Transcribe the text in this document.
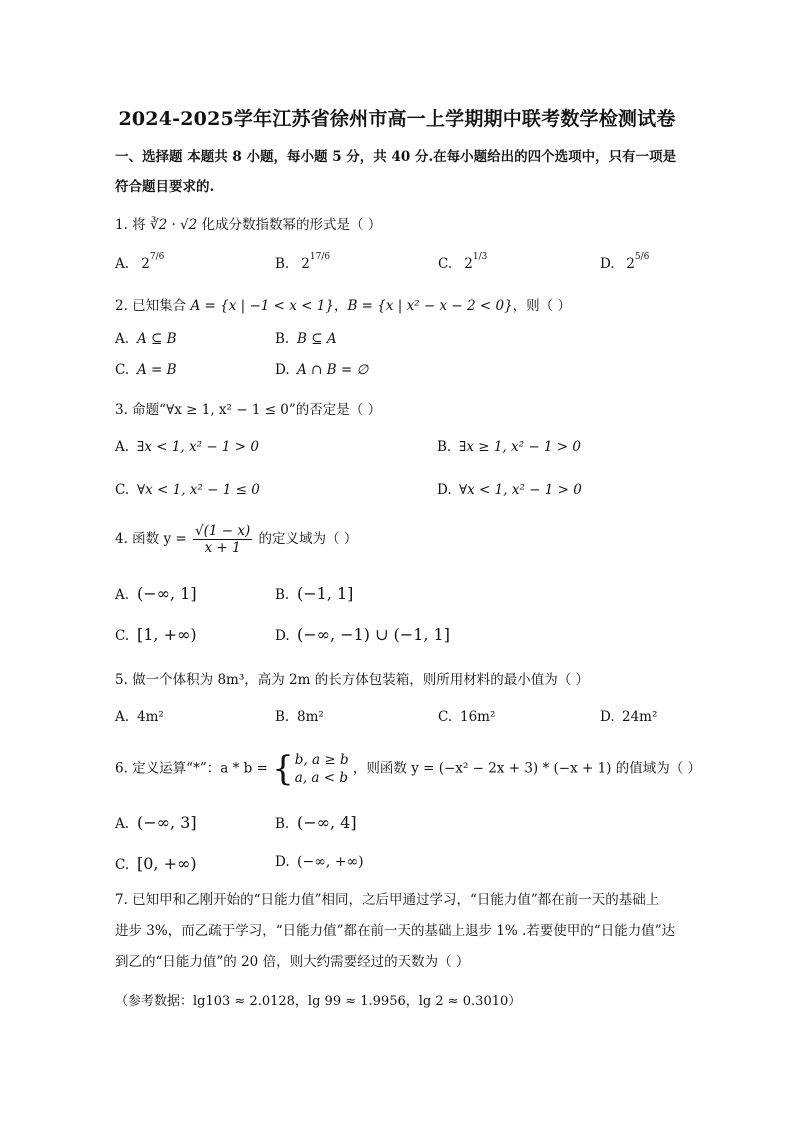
2024-2025学年江苏省徐州市高一上学期期中联考数学检测试卷
一、选择题 本题共 8 小题，每小题 5 分，共 40 分.在每小题给出的四个选项中，只有一项是
符合题目要求的.
1. 将 ∛2 · √2 化成分数指数幂的形式是（ ）
A. $2^{7/6}$	B. $2^{17/6}$	C. $2^{1/3}$	D. $2^{5/6}$
2. 已知集合 A = {x | −1 < x < 1}，B = {x | x² − x − 2 < 0}，则（ ）
A. A ⊆ B	B. B ⊆ A
C. A = B	D. A ∩ B = ∅
3. 命题“∀x ≥ 1, x² − 1 ≤ 0”的否定是（ ）
A. ∃x < 1, x² − 1 > 0	B. ∃x ≥ 1, x² − 1 > 0
C. ∀x < 1, x² − 1 ≤ 0	D. ∀x < 1, x² − 1 > 0
4. 函数 $y = \frac{√(1 - x)}{x + 1}$ 的定义域为（ ）
A. (−∞, 1]	B. (−1, 1]
C. [1, +∞)	D. (−∞, −1) ∪ (−1, 1]
5. 做一个体积为 8m³，高为 2m 的长方体包装箱，则所用材料的最小值为（ ）
A. 4m²	B. 8m²	C. 16m²	D. 24m²
6. 定义运算“*”：a * b = { b, a ≥ b
a, a < b
，则函数 y = (−x² − 2x + 3) * (−x + 1) 的值域为（ ）
A. (−∞, 3]	B. (−∞, 4]
C. [0, +∞)	D. (−∞, +∞)
7. 已知甲和乙刚开始的“日能力值”相同，之后甲通过学习，“日能力值”都在前一天的基础上
进步 3%，而乙疏于学习，“日能力值”都在前一天的基础上退步 1% .若要使甲的“日能力值”达
到乙的“日能力值”的 20 倍，则大约需要经过的天数为（ ）
（参考数据：lg103 ≈ 2.0128，lg 99 ≈ 1.9956，lg 2 ≈ 0.3010）
